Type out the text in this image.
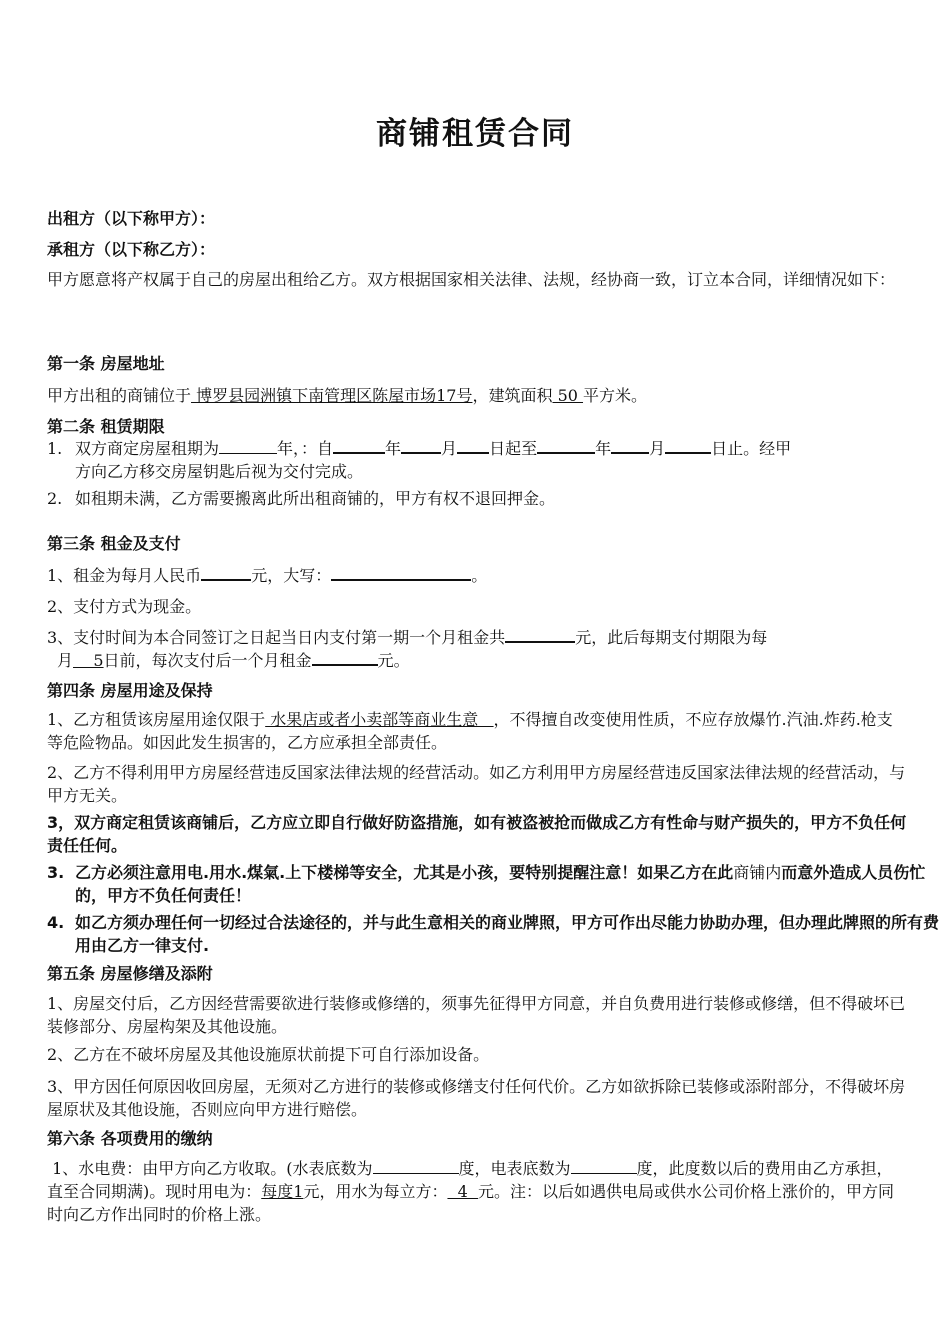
商铺租赁合同
出租方（以下称甲方）：
承租方（以下称乙方）：
甲方愿意将产权属于自己的房屋出租给乙方。双方根据国家相关法律、法规，经协商一致，订立本合同，详细情况如下：
第一条 房屋地址
甲方出租的商铺位于 博罗县园洲镇下南管理区陈屋市场17号，建筑面积 50 平方米。
第二条 租赁期限
1. 双方商定房屋租期为	年，：自	年	月 日起至	年 月	日止。经甲
方向乙方移交房屋钥匙后视为交付完成。
2. 如租期未满，乙方需要搬离此所出租商铺的，甲方有权不退回押金。
第三条 租金及支付
1、租金为每月人民币	元，大写：	。
2、支付方式为现金。
3、支付时间为本合同签订之日起当日内支付第一期一个月租金共	元，此后每期支付期限为每
月    5日前，每次支付后一个月租金	元。
第四条 房屋用途及保持
1、乙方租赁该房屋用途仅限于 水果店或者小卖部等商业生意   ，不得擅自改变使用性质，不应存放爆竹.汽油.炸药.枪支等危险物品。如因此发生损害的，乙方应承担全部责任。
2、乙方不得利用甲方房屋经营违反国家法律法规的经营活动。如乙方利用甲方房屋经营违反国家法律法规的经营活动，与甲方无关。
3，双方商定租赁该商铺后，乙方应立即自行做好防盗措施，如有被盗被抢而做成乙方有性命与财产损失的，甲方不负任何责任任何。
3. 乙方必须注意用电.用水.煤氣.上下楼梯等安全，尤其是小孩，要特别提醒注意！如果乙方在此商铺内而意外造成人员伤忙的，甲方不负任何责任！
4. 如乙方须办理任何一切经过合法途径的，并与此生意相关的商业牌照，甲方可作出尽能力协助办理，但办理此牌照的所有费用由乙方一律支付.
第五条 房屋修缮及添附
1、房屋交付后，乙方因经营需要欲进行装修或修缮的，须事先征得甲方同意，并自负费用进行装修或修缮，但不得破坏已装修部分、房屋构架及其他设施。
2、乙方在不破坏房屋及其他设施原状前提下可自行添加设备。
3、甲方因任何原因收回房屋，无须对乙方进行的装修或修缮支付任何代价。乙方如欲拆除已装修或添附部分，不得破坏房屋原状及其他设施，否则应向甲方进行赔偿。
第六条 各项费用的缴纳
1、水电费：由甲方向乙方收取。(水表底数为	度，电表底数为	度，此度数以后的费用由乙方承担，直至合同期满)。现时用电为：每度1元，用水为每立方：  4  元。注：以后如遇供电局或供水公司价格上涨价的，甲方同时向乙方作出同时的价格上涨。
